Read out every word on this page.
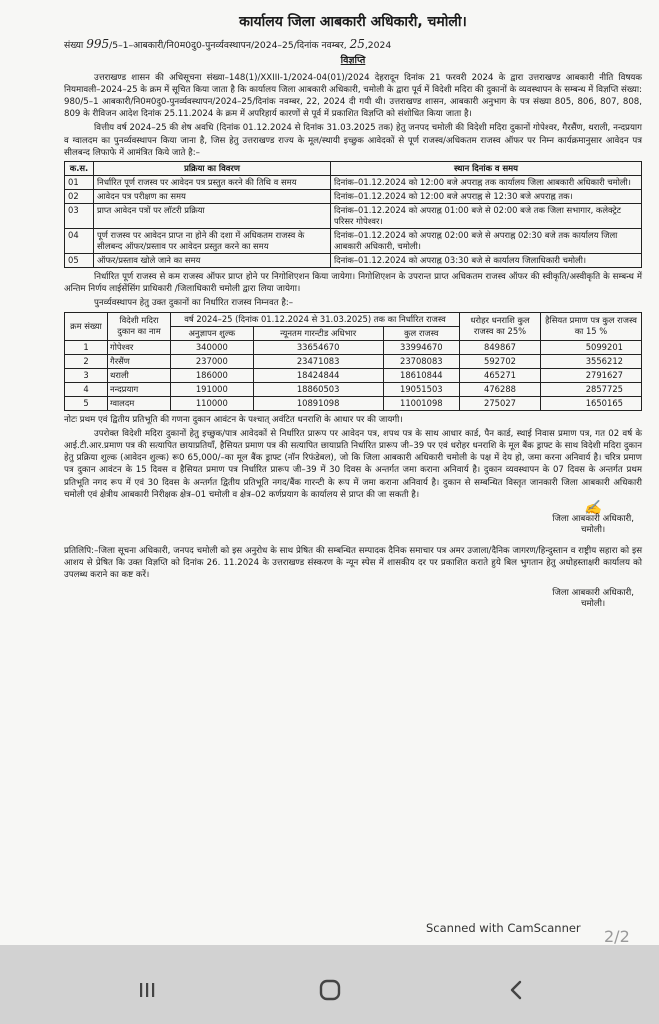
कार्यालय जिला आबकारी अधिकारी, चमोली।
संख्या 995/5–1–आबकारी/नि0म0दु0-पुनर्व्यवस्थापन/2024–25/दिनांक नवम्बर, 25,2024
विज्ञप्ति

उत्तराखण्ड शासन की अधिसूचना संख्या–148(1)/XXIII-1/2024-04(01)/2024 देहरादून दिनांक 21 फरवरी 2024 के द्वारा उत्तराखण्ड आबकारी नीति विषयक नियमावली–2024–25 के क्रम में सूचित किया जाता है कि कार्यालय जिला आबकारी अधिकारी, चमोली के द्वारा पूर्व में विदेशी मदिरा की दुकानों के व्यवस्थापन के सम्बन्ध में विज्ञप्ति संख्या: 980/5–1 आबकारी/नि0म0दु0-पुनर्व्यवस्थापन/2024–25/दिनांक नवम्बर, 22, 2024 दी गयी थी। उत्तराखण्ड शासन, आबकारी अनुभाग के पत्र संख्या 805, 806, 807, 808, 809 के रीविजन आदेश दिनांक 25.11.2024 के क्रम में अपरिहार्य कारणों से पूर्व में प्रकाशित विज्ञप्ति को संशोधित किया जाता है।

वित्तीय वर्ष 2024–25 की शेष अवधि (दिनांक 01.12.2024 से दिनांक 31.03.2025 तक) हेतु जनपद चमोली की विदेशी मदिरा दुकानों गोपेश्वर, गैरसैंण, थराली, नन्दप्रयाग व ग्वालदम का पुनर्व्यवस्थापन किया जाना है, जिस हेतु उत्तराखण्ड राज्य के मूल/स्थायी इच्छुक आवेदकों से पूर्ण राजस्व/अधिकतम राजस्व ऑफर पर निम्न कार्यक्रमानुसार आवेदन पत्र सीलबन्द लिफाफे में आमंत्रित किये जाते है:–

क.स.	प्रक्रिया का विवरण	स्थान दिनांक व समय
01	निर्धारित पूर्ण राजस्व पर आवेदन पत्र प्रस्तुत करने की तिथि व समय	दिनांक–01.12.2024 को 12:00 बजे अपराह्न तक कार्यालय जिला आबकारी अधिकारी चमोली।
02	आवेदन पत्र परीक्षण का समय	दिनांक–01.12.2024 को 12:00 बजे अपराह्न से 12:30 बजे अपराह्न तक।
03	प्राप्त आवेदन पत्रों पर लॉटरी प्रक्रिया	दिनांक–01.12.2024 को अपराह्न 01:00 बजे से 02:00 बजे तक जिला सभागार, कलेक्ट्रेट परिसर गोपेश्वर।
04	पूर्ण राजस्व पर आवेदन प्राप्त ना होने की दशा में अधिकतम राजस्व के सीलबन्द ऑफर/प्रस्ताव पर आवेदन प्रस्तुत करने का समय	दिनांक–01.12.2024 को अपराह्न 02:00 बजे से अपराह्न 02:30 बजे तक कार्यालय जिला आबकारी अधिकारी, चमोली।
05	ऑफर/प्रस्ताव खोले जाने का समय	दिनांक–01.12.2024 को अपराह्न 03:30 बजे से कार्यालय जिलाधिकारी चमोली।

निर्धारित पूर्ण राजस्व से कम राजस्व ऑफर प्राप्त होने पर निगोशिएशन किया जायेगा। निगोशिएशन के उपरान्त प्राप्त अधिकतम राजस्व ऑफर की स्वीकृति/अस्वीकृति के सम्बन्ध में अन्तिम निर्णय लाईसेंसिंग प्राधिकारी /जिलाधिकारी चमोली द्वारा लिया जायेगा।

पुनर्व्यवस्थापन हेतु उक्त दुकानों का निर्धारित राजस्व निम्नवत है:–

क्रम संख्या	विदेशी मदिरा दुकान का नाम	वर्ष 2024–25 (दिनांक 01.12.2024 से 31.03.2025) तक का निर्धारित राजस्व			धरोहर धनराशि कुल राजस्व का 25%	हैसियत प्रमाण पत्र कुल राजस्व का 15 %
		अनुज्ञापन शुल्क	न्यूनतम गारन्टीड अधिभार	कुल राजस्व		
1	गोपेश्वर	340000	33654670	33994670	849867	5099201
2	गैरसैंण	237000	23471083	23708083	592702	3556212
3	थराली	186000	18424844	18610844	465271	2791627
4	नन्दप्रयाग	191000	18860503	19051503	476288	2857725
5	ग्वालदम	110000	10891098	11001098	275027	1650165

नोटः प्रथम एवं द्वितीय प्रतिभूति की गणना दुकान आवंटन के पश्चात् अवंटित धनराशि के आधार पर की जायगी।

उपरोक्त विदेशी मदिरा दुकानों हेतु इच्छुक/पात्र आवेदकों से निर्धारित प्रारूप पर आवेदन पत्र, शपथ पत्र के साथ आधार कार्ड, पैन कार्ड, स्थाई निवास प्रमाण पत्र, गत 02 वर्ष के आई.टी.आर.प्रमाण पत्र की सत्यापित छायाप्रतियाँ, हैसियत प्रमाण पत्र की सत्यापित छायाप्रति निर्धारित प्रारूप जी–39 पर एवं धरोहर धनराशि के मूल बैंक ड्राफ्ट के साथ विदेशी मदिरा दुकान हेतु प्रक्रिया शुल्क (आवेदन शुल्क) रू0 65,000/–का मूल बैंक ड्राफ्ट (नॉन रिफंडेबल), जो कि जिला आबकारी अधिकारी चमोली के पक्ष में देय हो, जमा करना अनिवार्य है। चरित्र प्रमाण पत्र दुकान आवंटन के 15 दिवस व हैसियत प्रमाण पत्र निर्धारित प्रारूप जी–39 में 30 दिवस के अन्तर्गत जमा कराना अनिवार्य है। दुकान व्यवस्थापन के 07 दिवस के अन्तर्गत प्रथम प्रतिभूति नगद रूप में एवं 30 दिवस के अन्तर्गत द्वितीय प्रतिभूति नगद/बैंक गारन्टी के रूप में जमा कराना अनिवार्य है। दुकान से सम्बन्धित विस्तृत जानकारी जिला आबकारी अधिकारी चमोली एवं क्षेत्रीय आबकारी निरीक्षक क्षेत्र–01 चमोली व क्षेत्र–02 कर्णप्रयाग के कार्यालय से प्राप्त की जा सकती है।

✍
जिला आबकारी अधिकारी,
चमोली।

प्रतिलिपि:–जिला सूचना अधिकारी, जनपद चमोली को इस अनुरोध के साथ प्रेषित की सम्बन्धित सम्पादक दैनिक समाचार पत्र अमर उजाला/दैनिक जागरण/हिन्दुस्तान व राष्ट्रीय सहारा को इस आशय से प्रेषित कि उक्त विज्ञप्ति को दिनांक 26. 11.2024 के उत्तराखण्ड संस्करण के न्यून स्पेस में शासकीय दर पर प्रकाशित कराते हुये बिल भुगतान हेतु अधोहस्ताक्षरी कार्यालय को उपलब्ध कराने का कष्ट करें।

जिला आबकारी अधिकारी,
चमोली।
Scanned with CamScanner 2/2
